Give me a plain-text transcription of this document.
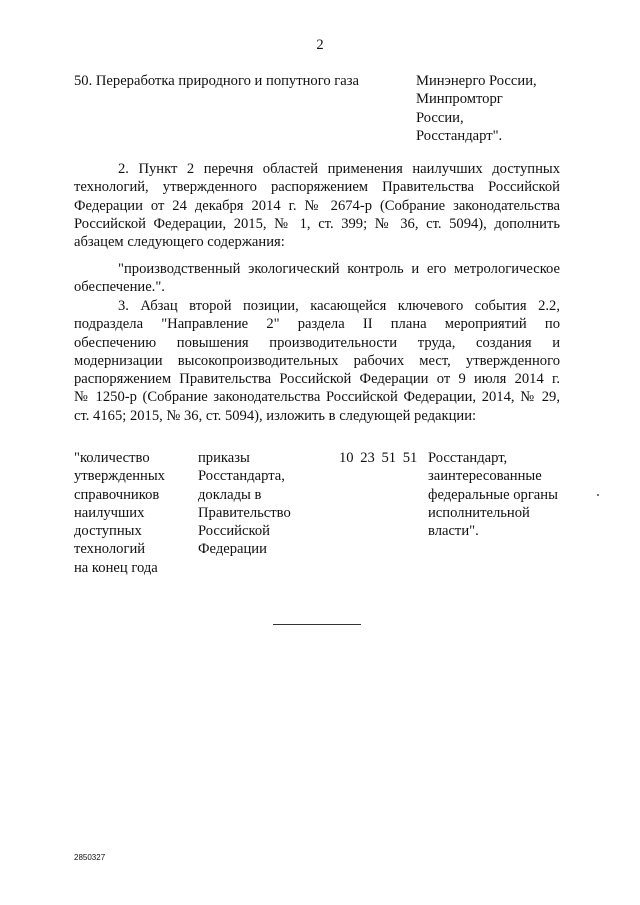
2
50. Переработка природного и попутного газа	Минэнерго России,
Минпромторг
России,
Росстандарт".
2. Пункт 2 перечня областей применения наилучших доступных
технологий, утвержденного распоряжением Правительства Российской
Федерации от 24 декабря 2014 г. № 2674-р (Собрание законодательства
Российской Федерации, 2015, № 1, ст. 399; № 36, ст. 5094), дополнить
абзацем следующего содержания:
"производственный экологический контроль и его метрологическое
обеспечение.".
3. Абзац второй позиции, касающейся ключевого события 2.2,
подраздела "Направление 2" раздела II плана мероприятий по
обеспечению повышения производительности труда, создания и
модернизации высокопроизводительных рабочих мест, утвержденного
распоряжением Правительства Российской Федерации от 9 июля 2014 г.
№ 1250-р (Собрание законодательства Российской Федерации, 2014, № 29,
ст. 4165; 2015, № 36, ст. 5094), изложить в следующей редакции:
"количество
утвержденных
справочников
наилучших
доступных
технологий
на конец года
приказы
Росстандарта,
доклады в
Правительство
Российской
Федерации
10 23 51 51 Росстандарт,
заинтересованные
федеральные органы
исполнительной
власти".
2850327
